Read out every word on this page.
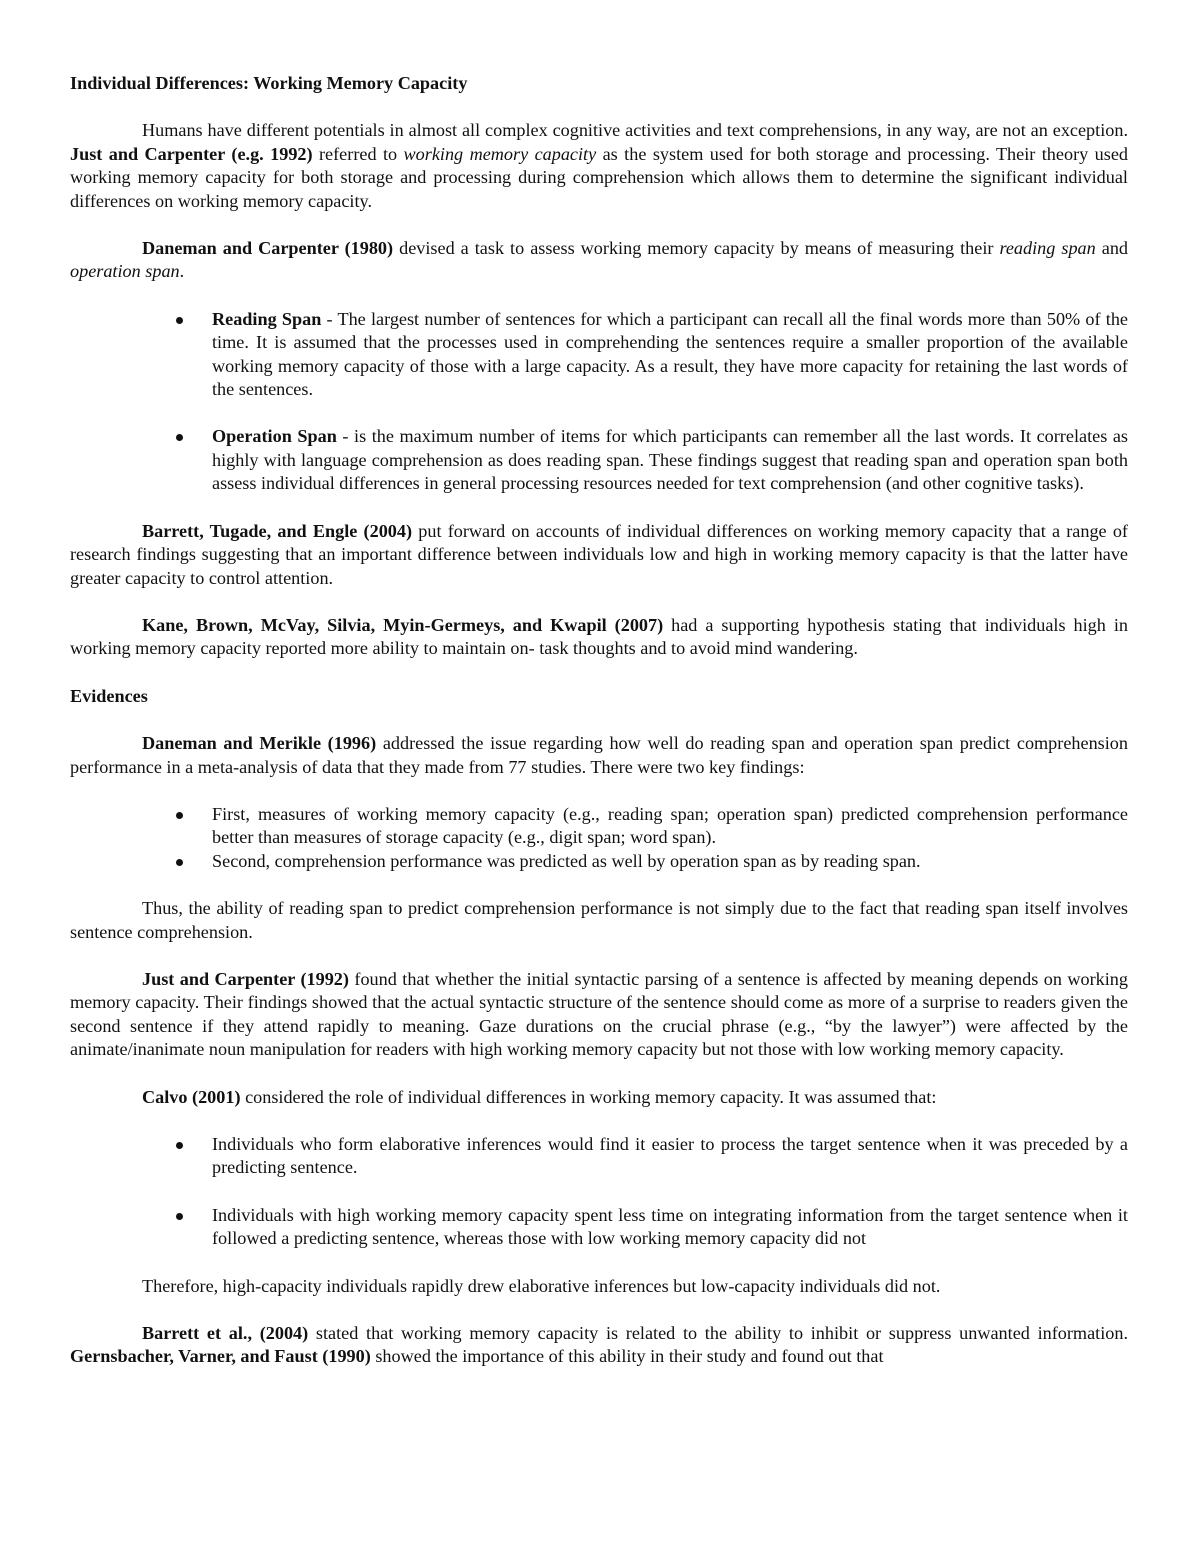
Individual Differences: Working Memory Capacity

Humans have different potentials in almost all complex cognitive activities and text comprehensions, in any way, are not an exception. Just and Carpenter (e.g. 1992) referred to working memory capacity as the system used for both storage and processing. Their theory used working memory capacity for both storage and processing during comprehension which allows them to determine the significant individual differences on working memory capacity.

Daneman and Carpenter (1980) devised a task to assess working memory capacity by means of measuring their reading span and operation span.

Reading Span - The largest number of sentences for which a participant can recall all the final words more than 50% of the time. It is assumed that the processes used in comprehending the sentences require a smaller proportion of the available working memory capacity of those with a large capacity. As a result, they have more capacity for retaining the last words of the sentences.
Operation Span - is the maximum number of items for which participants can remember all the last words. It correlates as highly with language comprehension as does reading span. These findings suggest that reading span and operation span both assess individual differences in general processing resources needed for text comprehension (and other cognitive tasks).

Barrett, Tugade, and Engle (2004) put forward on accounts of individual differences on working memory capacity that a range of research findings suggesting that an important difference between individuals low and high in working memory capacity is that the latter have greater capacity to control attention.

Kane, Brown, McVay, Silvia, Myin-Germeys, and Kwapil (2007) had a supporting hypothesis stating that individuals high in working memory capacity reported more ability to maintain on- task thoughts and to avoid mind wandering.

Evidences

Daneman and Merikle (1996) addressed the issue regarding how well do reading span and operation span predict comprehension performance in a meta-analysis of data that they made from 77 studies. There were two key findings:

First, measures of working memory capacity (e.g., reading span; operation span) predicted comprehension performance better than measures of storage capacity (e.g., digit span; word span).
Second, comprehension performance was predicted as well by operation span as by reading span.

Thus, the ability of reading span to predict comprehension performance is not simply due to the fact that reading span itself involves sentence comprehension.

Just and Carpenter (1992) found that whether the initial syntactic parsing of a sentence is affected by meaning depends on working memory capacity. Their findings showed that the actual syntactic structure of the sentence should come as more of a surprise to readers given the second sentence if they attend rapidly to meaning. Gaze durations on the crucial phrase (e.g., “by the lawyer”) were affected by the animate/inanimate noun manipulation for readers with high working memory capacity but not those with low working memory capacity.

Calvo (2001) considered the role of individual differences in working memory capacity. It was assumed that:

Individuals who form elaborative inferences would find it easier to process the target sentence when it was preceded by a predicting sentence.
Individuals with high working memory capacity spent less time on integrating information from the target sentence when it followed a predicting sentence, whereas those with low working memory capacity did not

Therefore, high-capacity individuals rapidly drew elaborative inferences but low-capacity individuals did not.

Barrett et al., (2004) stated that working memory capacity is related to the ability to inhibit or suppress unwanted information. Gernsbacher, Varner, and Faust (1990) showed the importance of this ability in their study and found out that
